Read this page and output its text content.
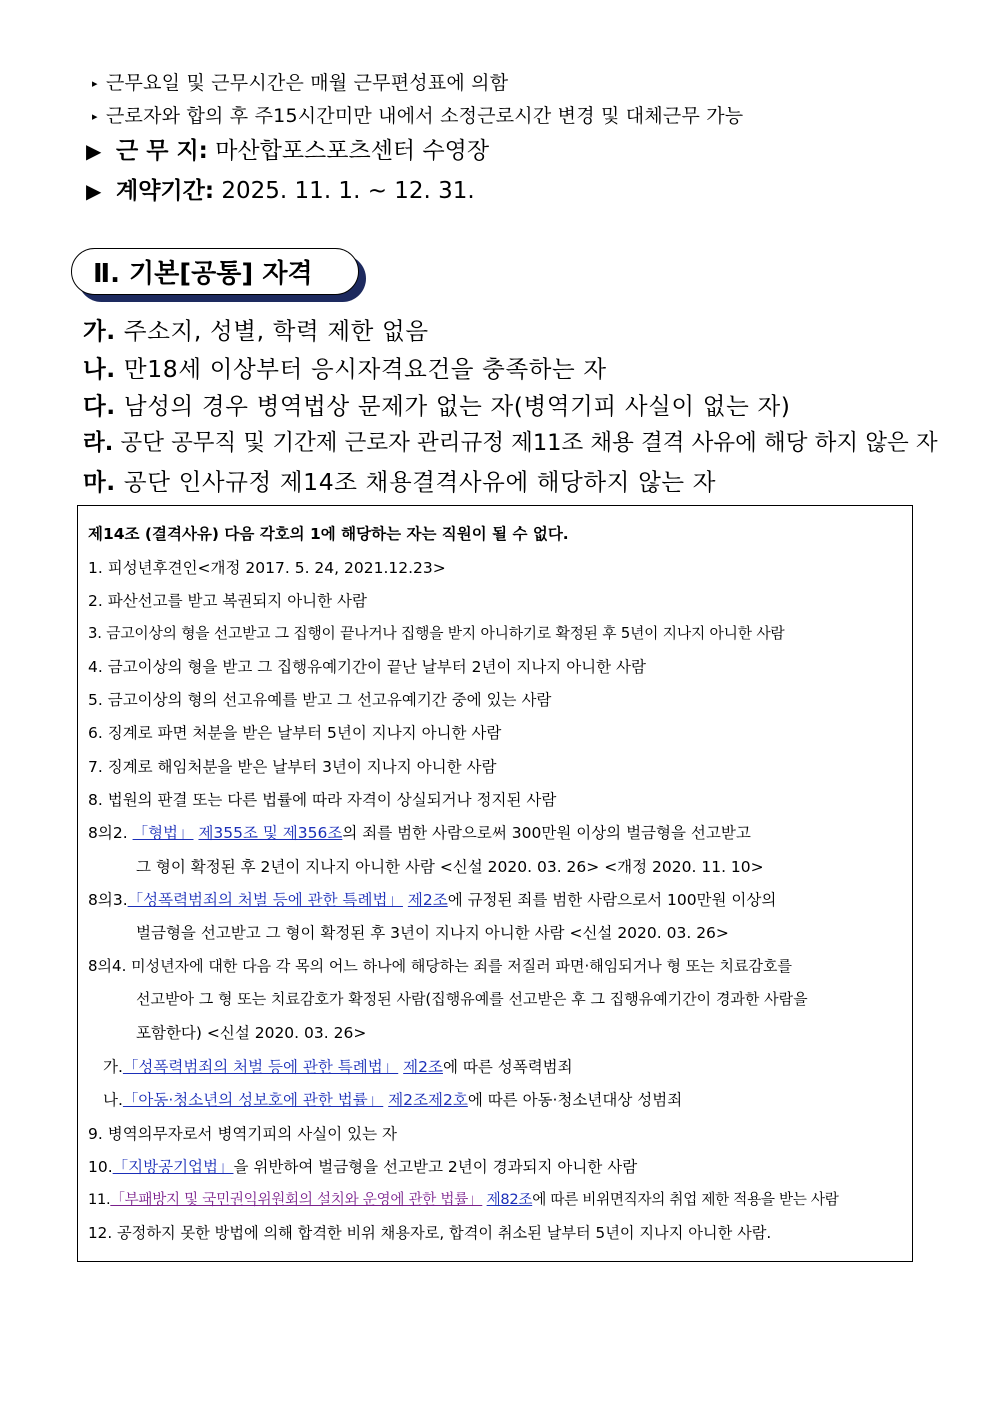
▸ 근무요일 및 근무시간은 매월 근무편성표에 의함
▸ 근로자와 합의 후 주15시간미만 내에서 소정근로시간 변경 및 대체근무 가능
▶ 근 무 지: 마산합포스포츠센터 수영장
▶ 계약기간: 2025. 11. 1. ~ 12. 31.
Ⅱ. 기본[공통] 자격
가. 주소지, 성별, 학력 제한 없음
나. 만18세 이상부터 응시자격요건을 충족하는 자
다. 남성의 경우 병역법상 문제가 없는 자(병역기피 사실이 없는 자)
라. 공단 공무직 및 기간제 근로자 관리규정 제11조 채용 결격 사유에 해당 하지 않은 자
마. 공단 인사규정 제14조 채용결격사유에 해당하지 않는 자
제14조 (결격사유) 다음 각호의 1에 해당하는 자는 직원이 될 수 없다.
1. 피성년후견인<개정 2017. 5. 24, 2021.12.23>
2. 파산선고를 받고 복권되지 아니한 사람
3. 금고이상의 형을 선고받고 그 집행이 끝나거나 집행을 받지 아니하기로 확정된 후 5년이 지나지 아니한 사람
4. 금고이상의 형을 받고 그 집행유예기간이 끝난 날부터 2년이 지나지 아니한 사람
5. 금고이상의 형의 선고유예를 받고 그 선고유예기간 중에 있는 사람
6. 징계로 파면 처분을 받은 날부터 5년이 지나지 아니한 사람
7. 징계로 해임처분을 받은 날부터 3년이 지나지 아니한 사람
8. 법원의 판결 또는 다른 법률에 따라 자격이 상실되거나 정지된 사람
8의2. 「형법」 제355조 및 제356조의 죄를 범한 사람으로써 300만원 이상의 벌금형을 선고받고
그 형이 확정된 후 2년이 지나지 아니한 사람 <신설 2020. 03. 26> <개정 2020. 11. 10>
8의3.「성폭력범죄의 처벌 등에 관한 특례법」 제2조에 규정된 죄를 범한 사람으로서 100만원 이상의
벌금형을 선고받고 그 형이 확정된 후 3년이 지나지 아니한 사람 <신설 2020. 03. 26>
8의4. 미성년자에 대한 다음 각 목의 어느 하나에 해당하는 죄를 저질러 파면·해임되거나 형 또는 치료감호를
선고받아 그 형 또는 치료감호가 확정된 사람(집행유예를 선고받은 후 그 집행유예기간이 경과한 사람을
포함한다) <신설 2020. 03. 26>
가.「성폭력범죄의 처벌 등에 관한 특례법」 제2조에 따른 성폭력범죄
나.「아동·청소년의 성보호에 관한 법률」 제2조제2호에 따른 아동·청소년대상 성범죄
9. 병역의무자로서 병역기피의 사실이 있는 자
10.「지방공기업법」을 위반하여 벌금형을 선고받고 2년이 경과되지 아니한 사람
11.「부패방지 및 국민권익위원회의 설치와 운영에 관한 법률」 제82조에 따른 비위면직자의 취업 제한 적용을 받는 사람
12. 공정하지 못한 방법에 의해 합격한 비위 채용자로, 합격이 취소된 날부터 5년이 지나지 아니한 사람.
